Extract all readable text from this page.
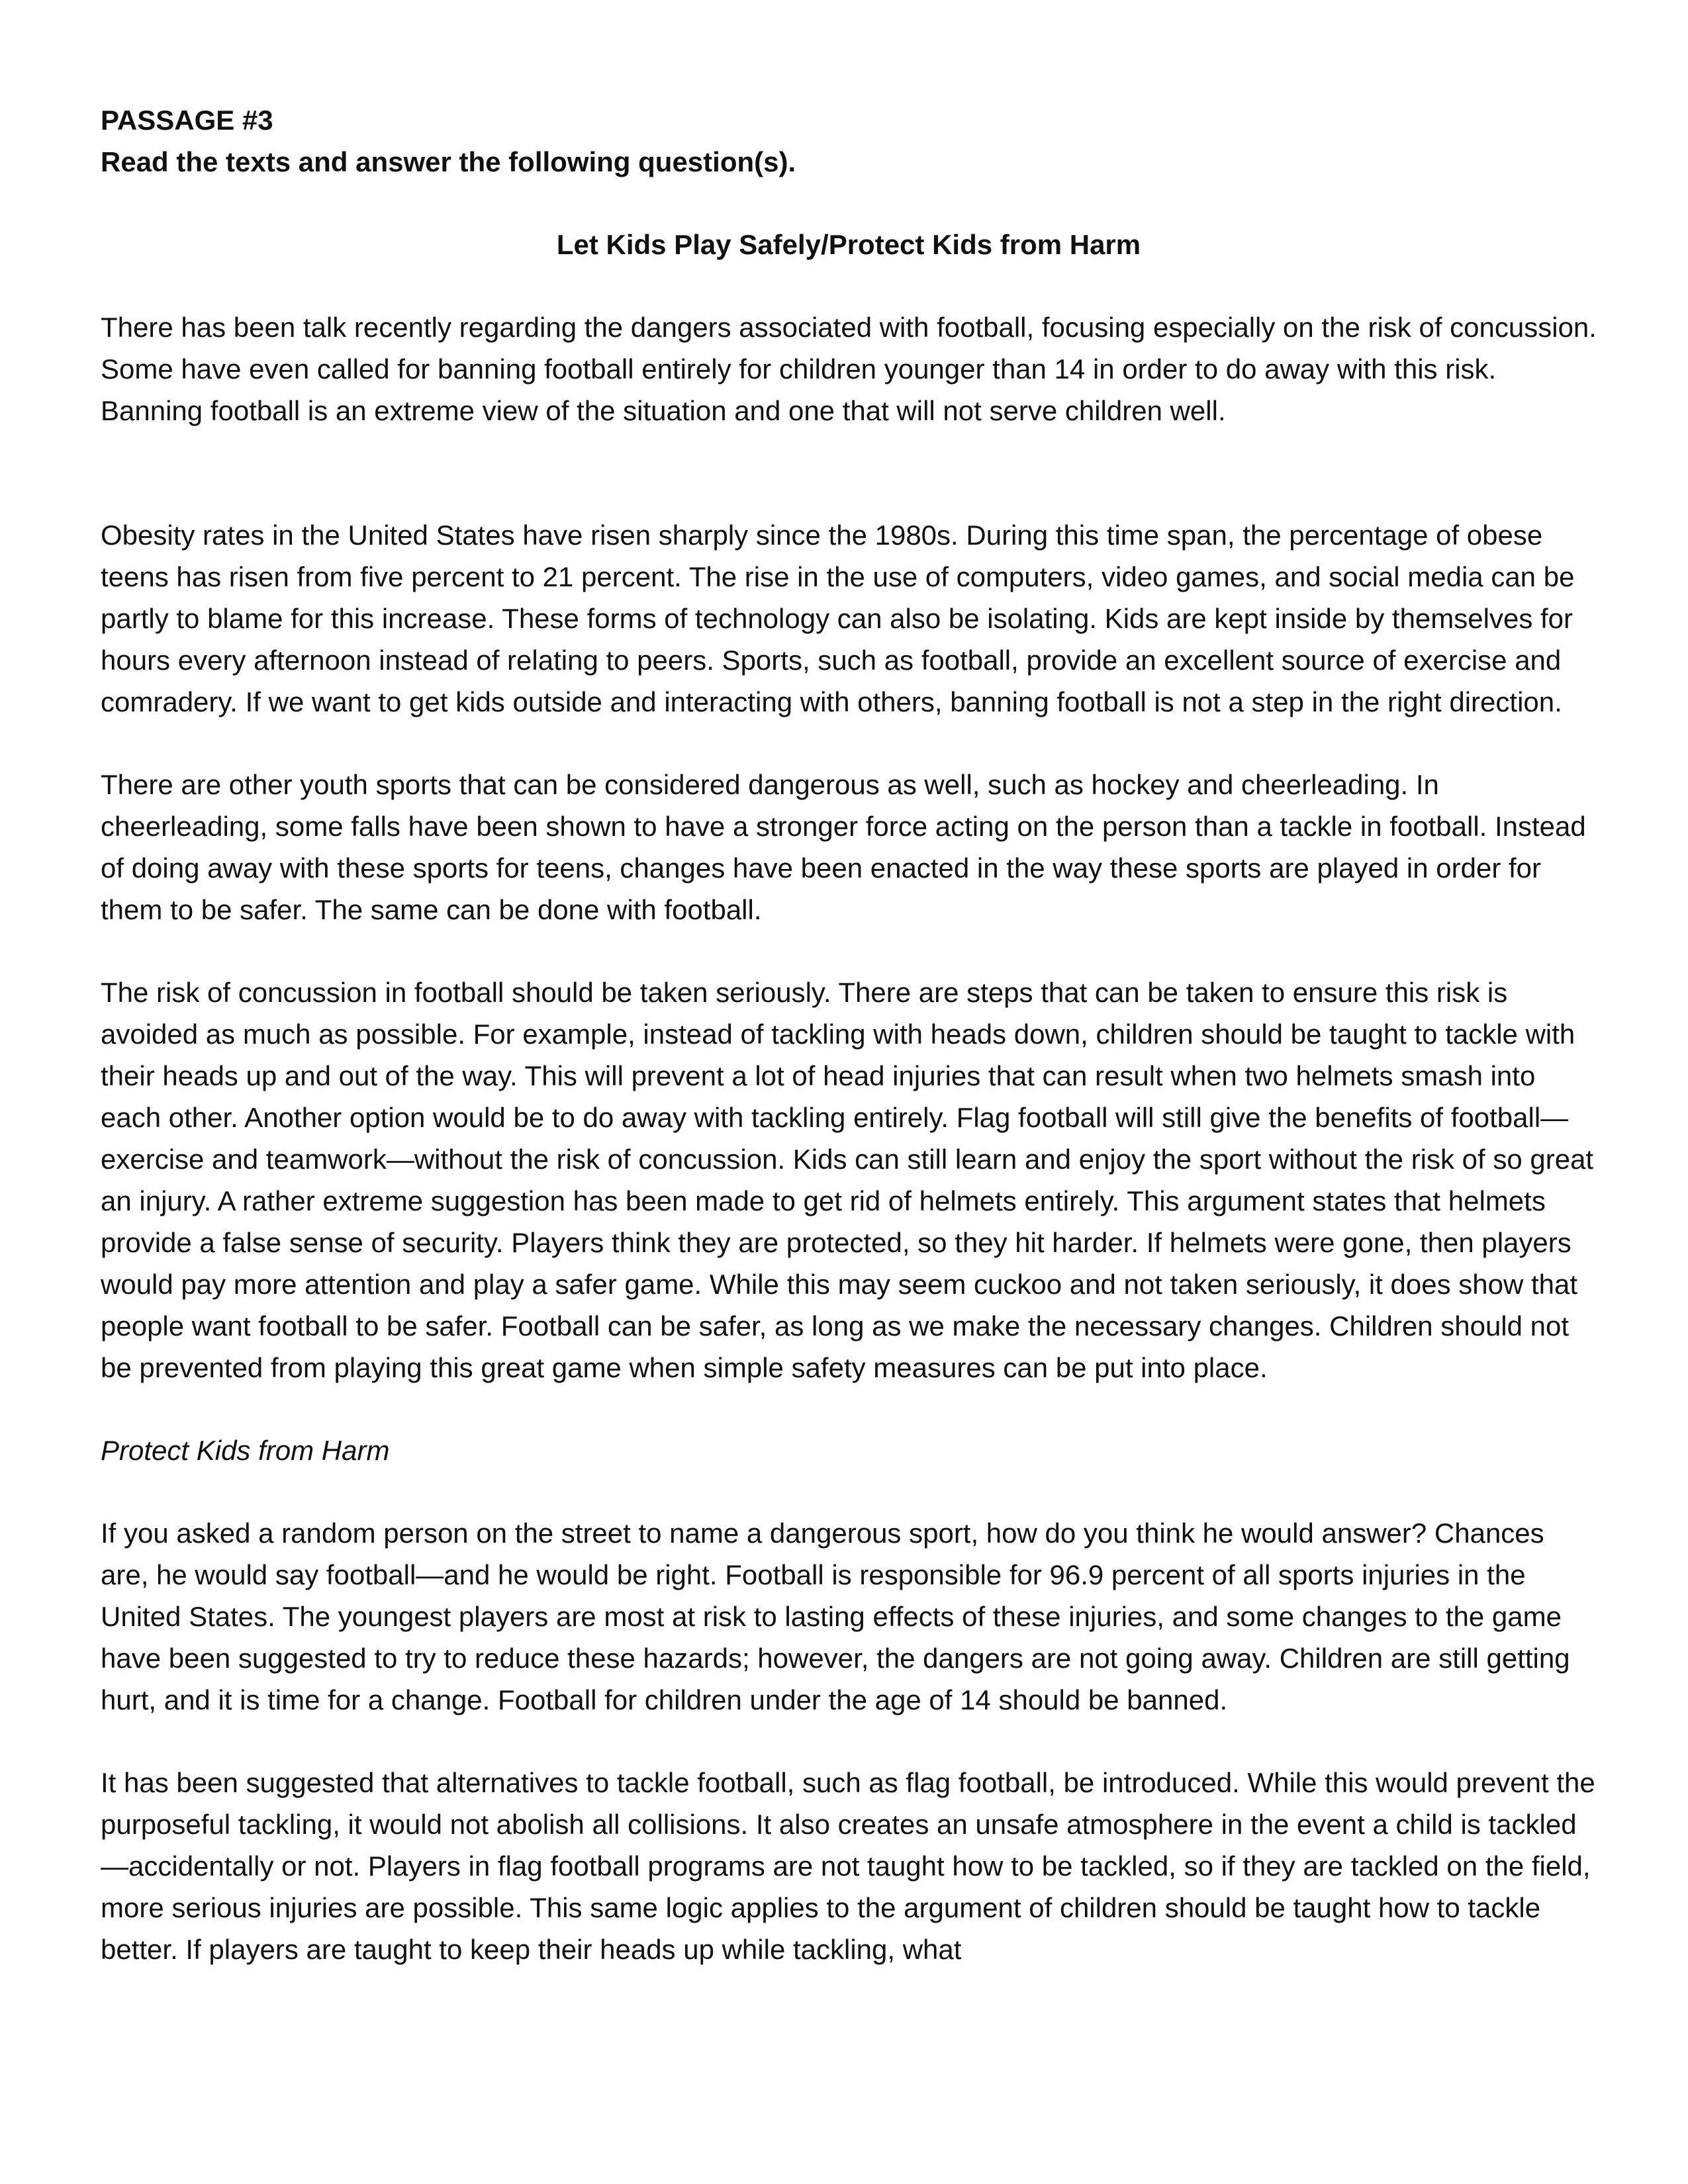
PASSAGE #3

Read the texts and answer the following question(s).

Let Kids Play Safely/Protect Kids from Harm

There has been talk recently regarding the dangers associated with football, focusing especially on the risk of concussion. Some have even called for banning football entirely for children younger than 14 in order to do away with this risk. Banning football is an extreme view of the situation and one that will not serve children well.

Obesity rates in the United States have risen sharply since the 1980s. During this time span, the percentage of obese teens has risen from five percent to 21 percent. The rise in the use of computers, video games, and social media can be partly to blame for this increase. These forms of technology can also be isolating. Kids are kept inside by themselves for hours every afternoon instead of relating to peers. Sports, such as football, provide an excellent source of exercise and comradery. If we want to get kids outside and interacting with others, banning football is not a step in the right direction.

There are other youth sports that can be considered dangerous as well, such as hockey and cheerleading. In cheerleading, some falls have been shown to have a stronger force acting on the person than a tackle in football. Instead of doing away with these sports for teens, changes have been enacted in the way these sports are played in order for them to be safer. The same can be done with football.

The risk of concussion in football should be taken seriously. There are steps that can be taken to ensure this risk is avoided as much as possible. For example, instead of tackling with heads down, children should be taught to tackle with their heads up and out of the way. This will prevent a lot of head injuries that can result when two helmets smash into each other. Another option would be to do away with tackling entirely. Flag football will still give the benefits of football—exercise and teamwork—without the risk of concussion. Kids can still learn and enjoy the sport without the risk of so great an injury. A rather extreme suggestion has been made to get rid of helmets entirely. This argument states that helmets provide a false sense of security. Players think they are protected, so they hit harder. If helmets were gone, then players would pay more attention and play a safer game. While this may seem cuckoo and not taken seriously, it does show that people want football to be safer. Football can be safer, as long as we make the necessary changes. Children should not be prevented from playing this great game when simple safety measures can be put into place.

Protect Kids from Harm

If you asked a random person on the street to name a dangerous sport, how do you think he would answer? Chances are, he would say football—and he would be right. Football is responsible for 96.9 percent of all sports injuries in the United States. The youngest players are most at risk to lasting effects of these injuries, and some changes to the game have been suggested to try to reduce these hazards; however, the dangers are not going away. Children are still getting hurt, and it is time for a change. Football for children under the age of 14 should be banned.

It has been suggested that alternatives to tackle football, such as flag football, be introduced. While this would prevent the purposeful tackling, it would not abolish all collisions. It also creates an unsafe atmosphere in the event a child is tackled—accidentally or not. Players in flag football programs are not taught how to be tackled, so if they are tackled on the field, more serious injuries are possible. This same logic applies to the argument of children should be taught how to tackle better. If players are taught to keep their heads up while tackling, what
